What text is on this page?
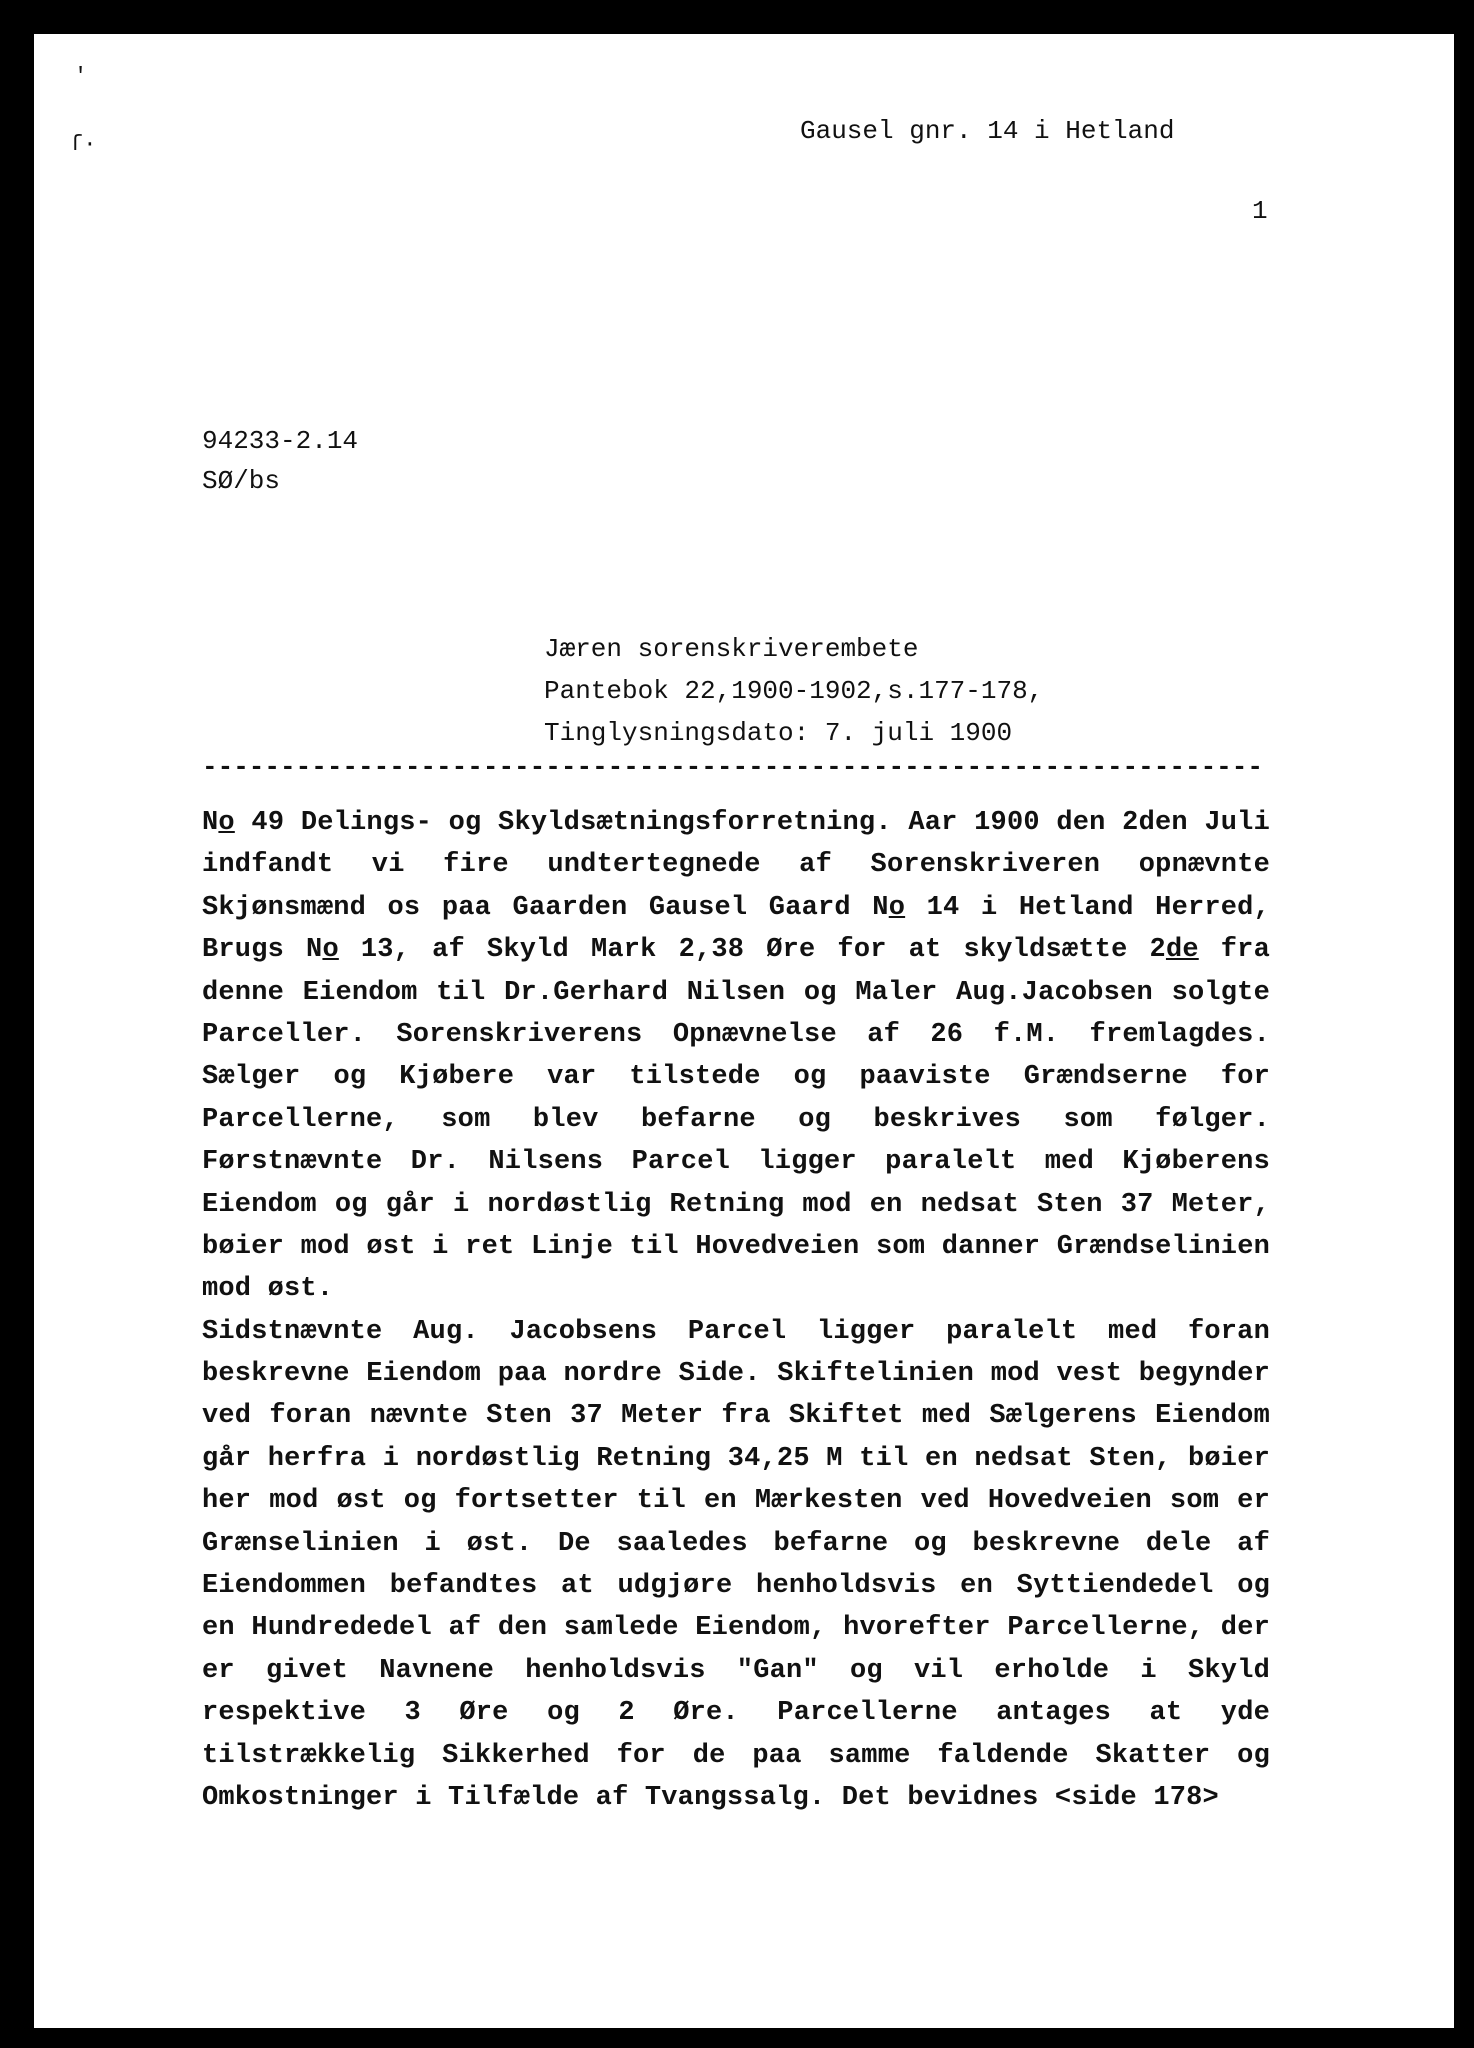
'
ſ·	Gausel gnr. 14 i Hetland
1
94233-2.14
SØ/bs
Jæren sorenskriverembete
Pantebok 22,1900-1902,s.177-178,
Tinglysningsdato: 7. juli 1900
--------------------------------------------------------------------
No 49 Delings- og Skyldsætningsforretning. Aar 1900 den 2den Juli
indfandt vi fire undtertegnede af Sorenskriveren opnævnte
Skjønsmænd os paa Gaarden Gausel Gaard No 14 i Hetland Herred,
Brugs No 13, af Skyld Mark 2,38 Øre for at skyldsætte 2de fra
denne Eiendom til Dr.Gerhard Nilsen og Maler Aug.Jacobsen solgte
Parceller. Sorenskriverens Opnævnelse af 26 f.M. fremlagdes.
Sælger og Kjøbere var tilstede og paaviste Grændserne for
Parcellerne, som blev befarne og beskrives som følger.
Førstnævnte Dr. Nilsens Parcel ligger paralelt med Kjøberens
Eiendom og går i nordøstlig Retning mod en nedsat Sten 37 Meter,
bøier mod øst i ret Linje til Hovedveien som danner Grændselinien
mod øst.
Sidstnævnte Aug. Jacobsens Parcel ligger paralelt med foran
beskrevne Eiendom paa nordre Side. Skiftelinien mod vest begynder
ved foran nævnte Sten 37 Meter fra Skiftet med Sælgerens Eiendom
går herfra i nordøstlig Retning 34,25 M til en nedsat Sten, bøier
her mod øst og fortsetter til en Mærkesten ved Hovedveien som er
Grænselinien i øst. De saaledes befarne og beskrevne dele af
Eiendommen befandtes at udgjøre henholdsvis en Syttiendedel og
en Hundrededel af den samlede Eiendom, hvorefter Parcellerne, der
er givet Navnene henholdsvis "Gan" og vil erholde i Skyld
respektive 3 Øre og 2 Øre. Parcellerne antages at yde
tilstrækkelig Sikkerhed for de paa samme faldende Skatter og
Omkostninger i Tilfælde af Tvangssalg. Det bevidnes <side 178>
